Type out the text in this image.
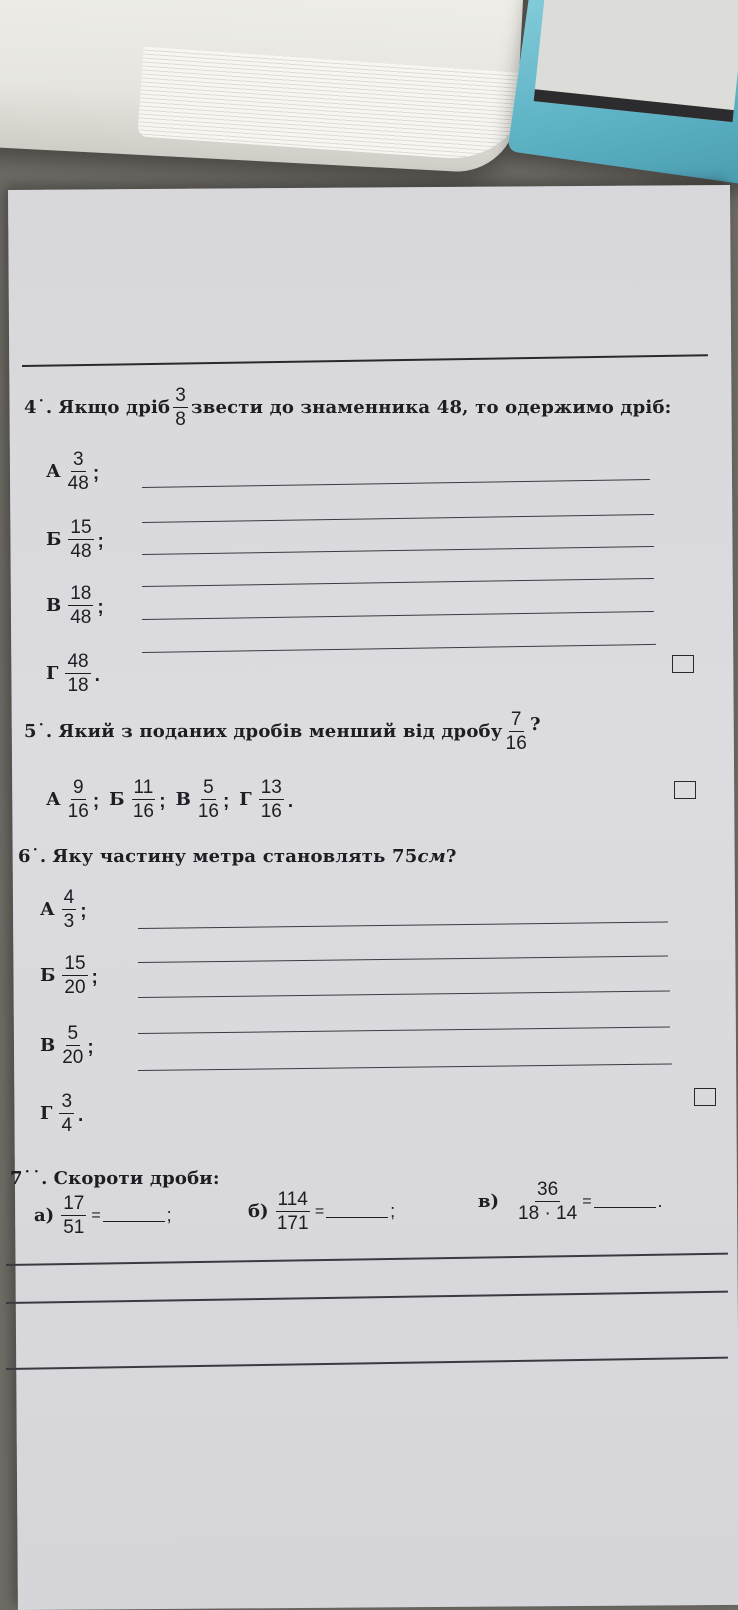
4˙. Якщо дріб $\frac{3}{8}$ звести до знаменника 48, то одержимо дріб:
А $\frac{3}{48}$ ;
Б $\frac{15}{48}$ ;
В $\frac{18}{48}$ ;
Г $\frac{48}{18}$ .
5˙. Який з поданих дробів менший від дробу $\frac{7}{16}$ ?
А $\frac{9}{16}$ ; Б $\frac{11}{16}$ ; В $\frac{5}{16}$ ; Г $\frac{13}{16}$ .
6˙. Яку частину метра становлять 75 см ?
А $\frac{4}{3}$ ;
Б $\frac{15}{20}$ ;
В $\frac{5}{20}$ ;
Г $\frac{3}{4}$ .
7˙˙. Скороти дроби:
$а) \frac{17}{51}$ =	;	$б) \frac{114}{171}$ =	;	$в) \frac{36}{18 \cdot 14}$ =	.
